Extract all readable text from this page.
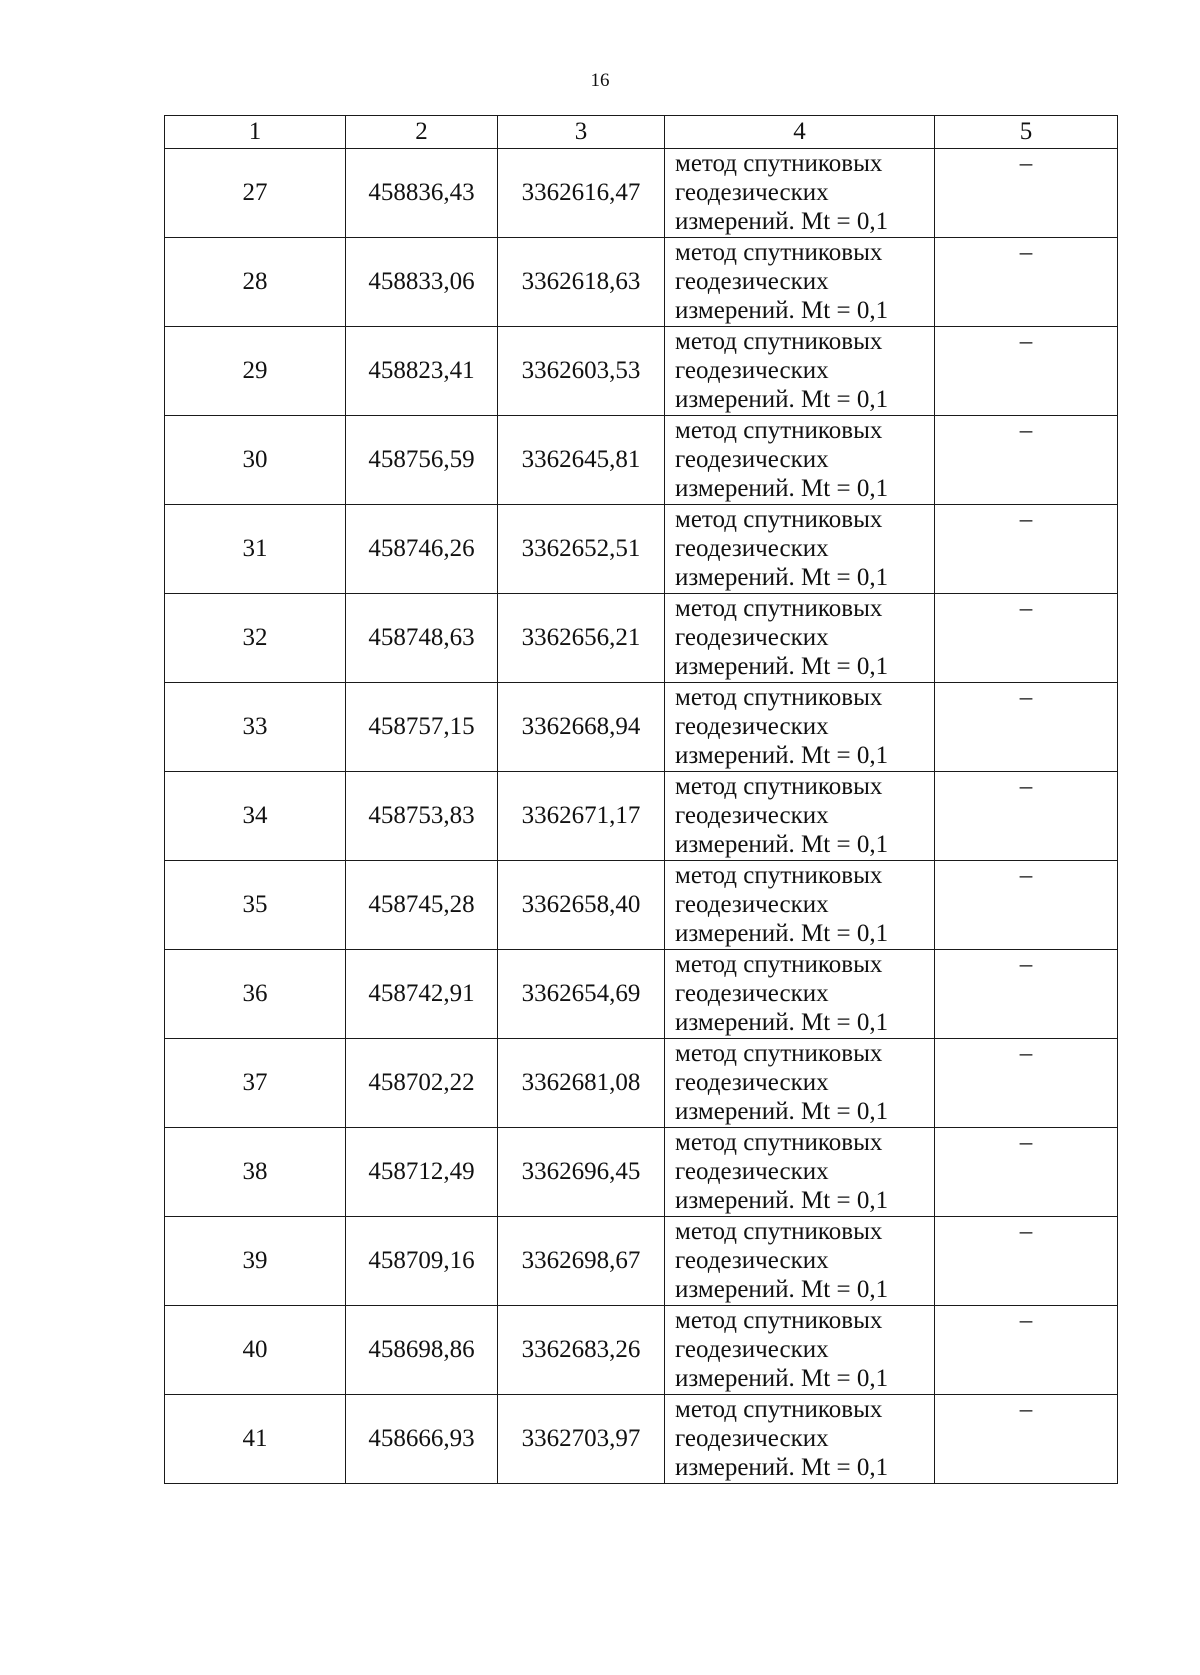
16
1	2	3	4	5
27	458836,43	3362616,47	метод спутниковых
геодезических
измерений. Mt = 0,1	–
28	458833,06	3362618,63	метод спутниковых
геодезических
измерений. Mt = 0,1	–
29	458823,41	3362603,53	метод спутниковых
геодезических
измерений. Mt = 0,1	–
30	458756,59	3362645,81	метод спутниковых
геодезических
измерений. Mt = 0,1	–
31	458746,26	3362652,51	метод спутниковых
геодезических
измерений. Mt = 0,1	–
32	458748,63	3362656,21	метод спутниковых
геодезических
измерений. Mt = 0,1	–
33	458757,15	3362668,94	метод спутниковых
геодезических
измерений. Mt = 0,1	–
34	458753,83	3362671,17	метод спутниковых
геодезических
измерений. Mt = 0,1	–
35	458745,28	3362658,40	метод спутниковых
геодезических
измерений. Mt = 0,1	–
36	458742,91	3362654,69	метод спутниковых
геодезических
измерений. Mt = 0,1	–
37	458702,22	3362681,08	метод спутниковых
геодезических
измерений. Mt = 0,1	–
38	458712,49	3362696,45	метод спутниковых
геодезических
измерений. Mt = 0,1	–
39	458709,16	3362698,67	метод спутниковых
геодезических
измерений. Mt = 0,1	–
40	458698,86	3362683,26	метод спутниковых
геодезических
измерений. Mt = 0,1	–
41	458666,93	3362703,97	метод спутниковых
геодезических
измерений. Mt = 0,1	–
